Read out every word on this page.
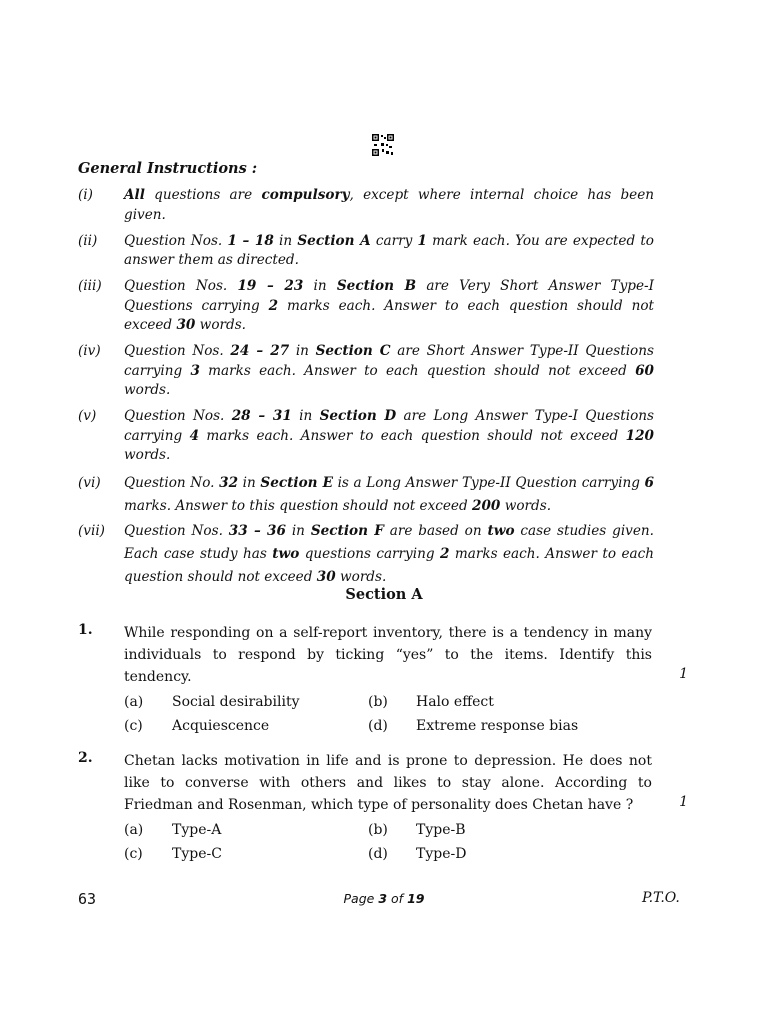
General Instructions :
(i)	All questions are compulsory, except where internal choice has been given.
(ii)	Question Nos. 1 – 18 in Section A carry 1 mark each. You are expected to answer them as directed.
(iii)	Question Nos. 19 – 23 in Section B are Very Short Answer Type-I Questions carrying 2 marks each. Answer to each question should not exceed 30 words.
(iv)	Question Nos. 24 – 27 in Section C are Short Answer Type-II Questions carrying 3 marks each. Answer to each question should not exceed 60 words.
(v)	Question Nos. 28 – 31 in Section D are Long Answer Type-I Questions carrying 4 marks each. Answer to each question should not exceed 120 words.
(vi)	Question No. 32 in Section E is a Long Answer Type-II Question carrying 6 marks. Answer to this question should not exceed 200 words.
(vii)	Question Nos. 33 – 36 in Section F are based on two case studies given. Each case study has two questions carrying 2 marks each. Answer to each question should not exceed 30 words.
Section A
1.	While responding on a self-report inventory, there is a tendency in many individuals to respond by ticking “yes” to the items. Identify this tendency.	1
(a)	Social desirability	(b)	Halo effect
(c)	Acquiescence	(d)	Extreme response bias
2.	Chetan lacks motivation in life and is prone to depression. He does not like to converse with others and likes to stay alone. According to Friedman and Rosenman, which type of personality does Chetan have ?	1
(a)	Type-A	(b)	Type-B
(c)	Type-C	(d)	Type-D
63	Page 3 of 19	P.T.O.
